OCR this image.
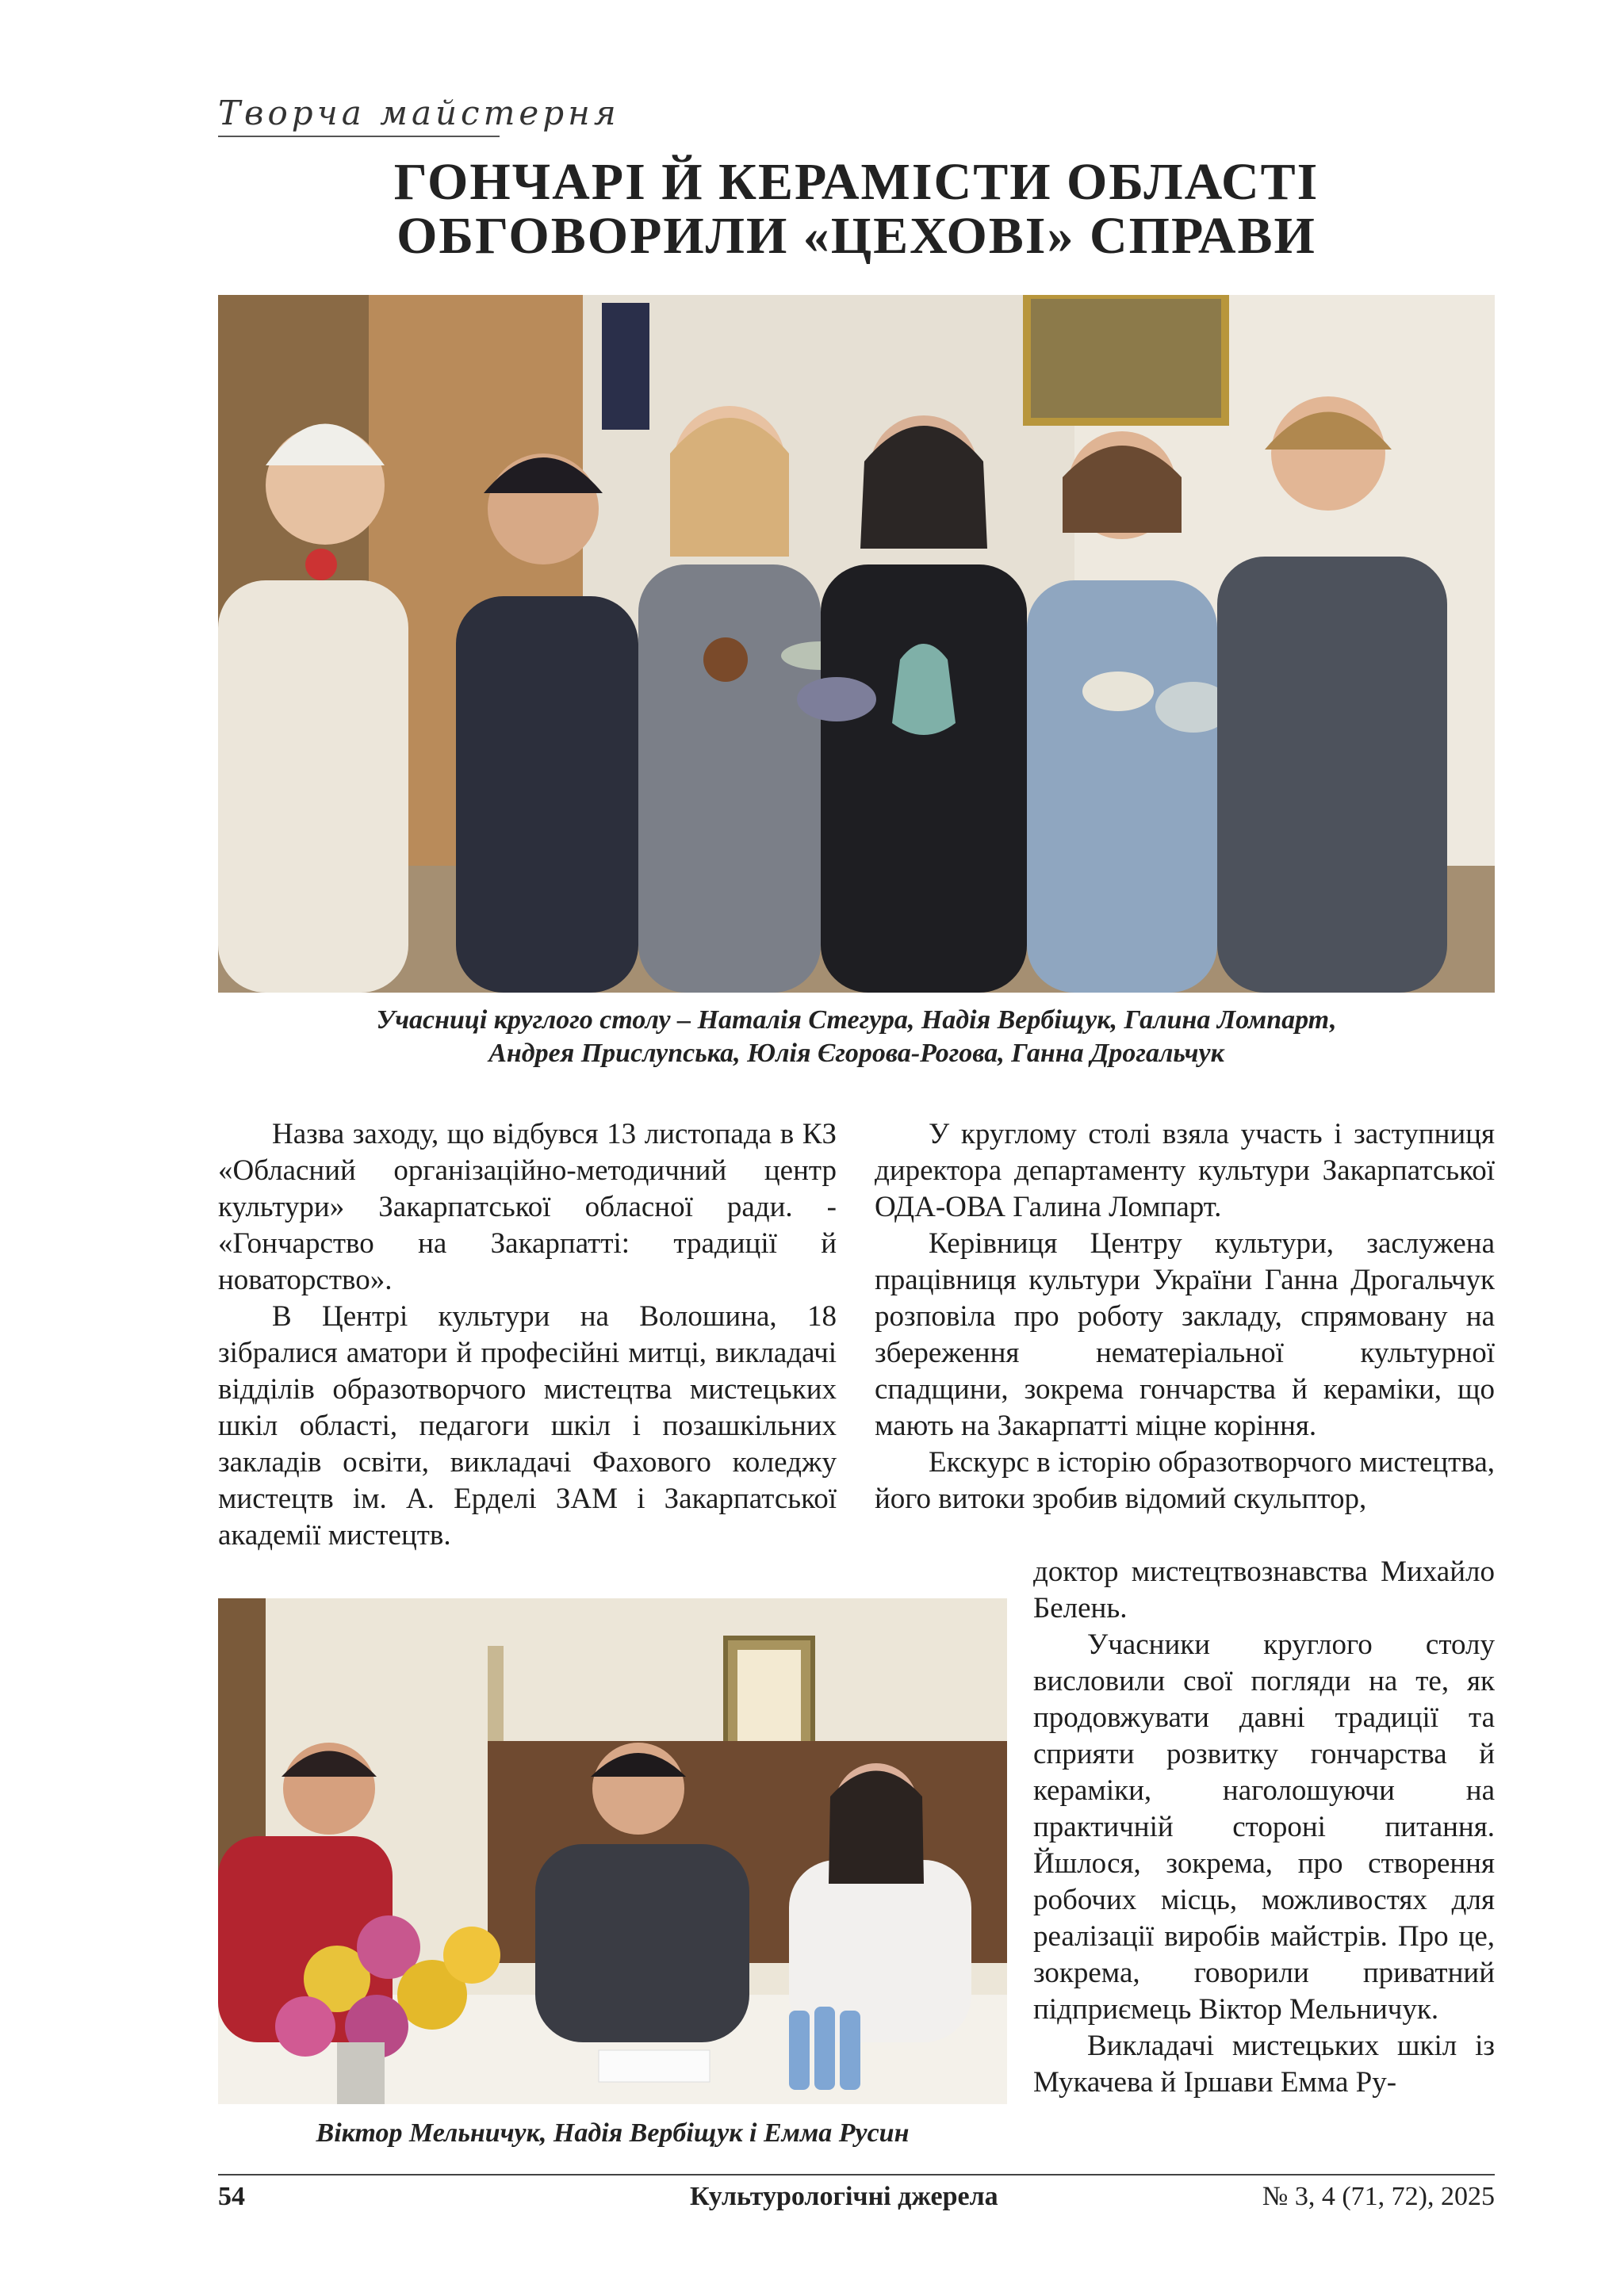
Творча майстерня
ГОНЧАРІ Й КЕРАМІСТИ ОБЛАСТІ
ОБГОВОРИЛИ «ЦЕХОВІ» СПРАВИ
Учасниці круглого столу – Наталія Стегура, Надія Вербіщук, Галина Ломпарт,
Андрея Прислупська, Юлія Єгорова-Рогова, Ганна Дрогальчук

Назва заходу, що відбувся 13 листопада в КЗ «Обласний організаційно-методичний центр культури» Закарпатської обласної ради. - «Гончарство на Закарпатті: традиції й новаторство».

В Центрі культури на Волошина, 18 зібралися аматори й професійні митці, викладачі відділів образотворчого мистецтва мистецьких шкіл області, педагоги шкіл і позашкільних закладів освіти, викладачі Фахового коледжу мистецтв ім. А. Ерделі ЗАМ і Закарпатської академії мистецтв.

У круглому столі взяла участь і заступниця директора департаменту культури Закарпатської ОДА-ОВА Галина Ломпарт.

Керівниця Центру культури, заслужена працівниця культури України Ганна Дрогальчук розповіла про роботу закладу, спрямовану на збереження нематеріальної культурної спадщини, зокрема гончарства й кераміки, що мають на Закарпатті міцне коріння.

Екскурс в історію образотворчого мистецтва, його витоки зробив відомий скульптор,

доктор мистецтвознавства Михайло Белень.

Учасники круглого столу висловили свої погляди на те, як продовжувати давні традиції та сприяти розвитку гончарства й кераміки, наголошуючи на практичній стороні питання. Йшлося, зокрема, про створення робочих місць, можливостях для реалізації виробів майстрів. Про це, зокрема, говорили приватний підприємець Віктор Мельничук.

Викладачі мистецьких шкіл із Мукачева й Іршави Емма Ру-

Віктор Мельничук, Надія Вербіщук і Емма Русин
54	Культурологічні джерела	№ 3, 4 (71, 72), 2025
